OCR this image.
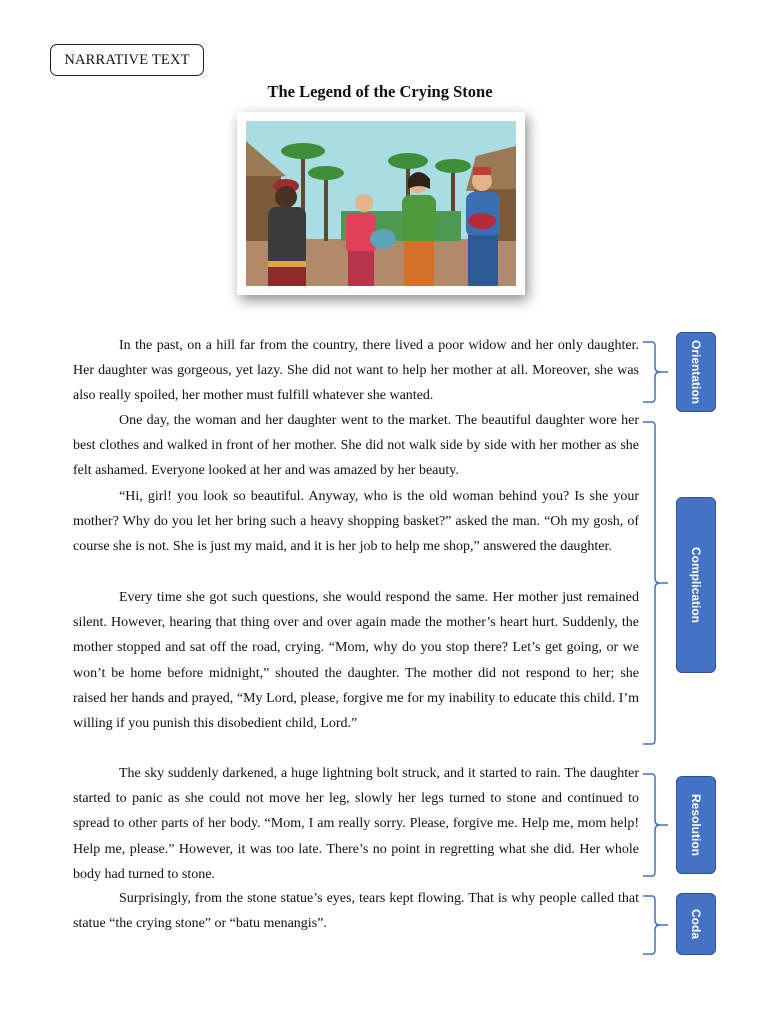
NARRATIVE TEXT
The Legend of the Crying Stone

In the past, on a hill far from the country, there lived a poor widow and her only daughter. Her daughter was gorgeous, yet lazy. She did not want to help her mother at all. Moreover, she was also really spoiled, her mother must fulfill whatever she wanted.

One day, the woman and her daughter went to the market. The beautiful daughter wore her best clothes and walked in front of her mother. She did not walk side by side with her mother as she felt ashamed. Everyone looked at her and was amazed by her beauty.

“Hi, girl! you look so beautiful. Anyway, who is the old woman behind you? Is she your mother? Why do you let her bring such a heavy shopping basket?” asked the man. “Oh my gosh, of course she is not. She is just my maid, and it is her job to help me shop,” answered the daughter.

Every time she got such questions, she would respond the same. Her mother just remained silent. However, hearing that thing over and over again made the mother’s heart hurt. Suddenly, the mother stopped and sat off the road, crying. “Mom, why do you stop there? Let’s get going, or we won’t be home before midnight,” shouted the daughter. The mother did not respond to her; she raised her hands and prayed, “My Lord, please, forgive me for my inability to educate this child. I’m willing if you punish this disobedient child, Lord.”

The sky suddenly darkened, a huge lightning bolt struck, and it started to rain. The daughter started to panic as she could not move her leg, slowly her legs turned to stone and continued to spread to other parts of her body. “Mom, I am really sorry. Please, forgive me. Help me, mom help! Help me, please.” However, it was too late. There’s no point in regretting what she did. Her whole body had turned to stone.

Surprisingly, from the stone statue’s eyes, tears kept flowing. That is why people called that statue “the crying stone” or “batu menangis”.

Orientation
Complication
Resolution
Coda
